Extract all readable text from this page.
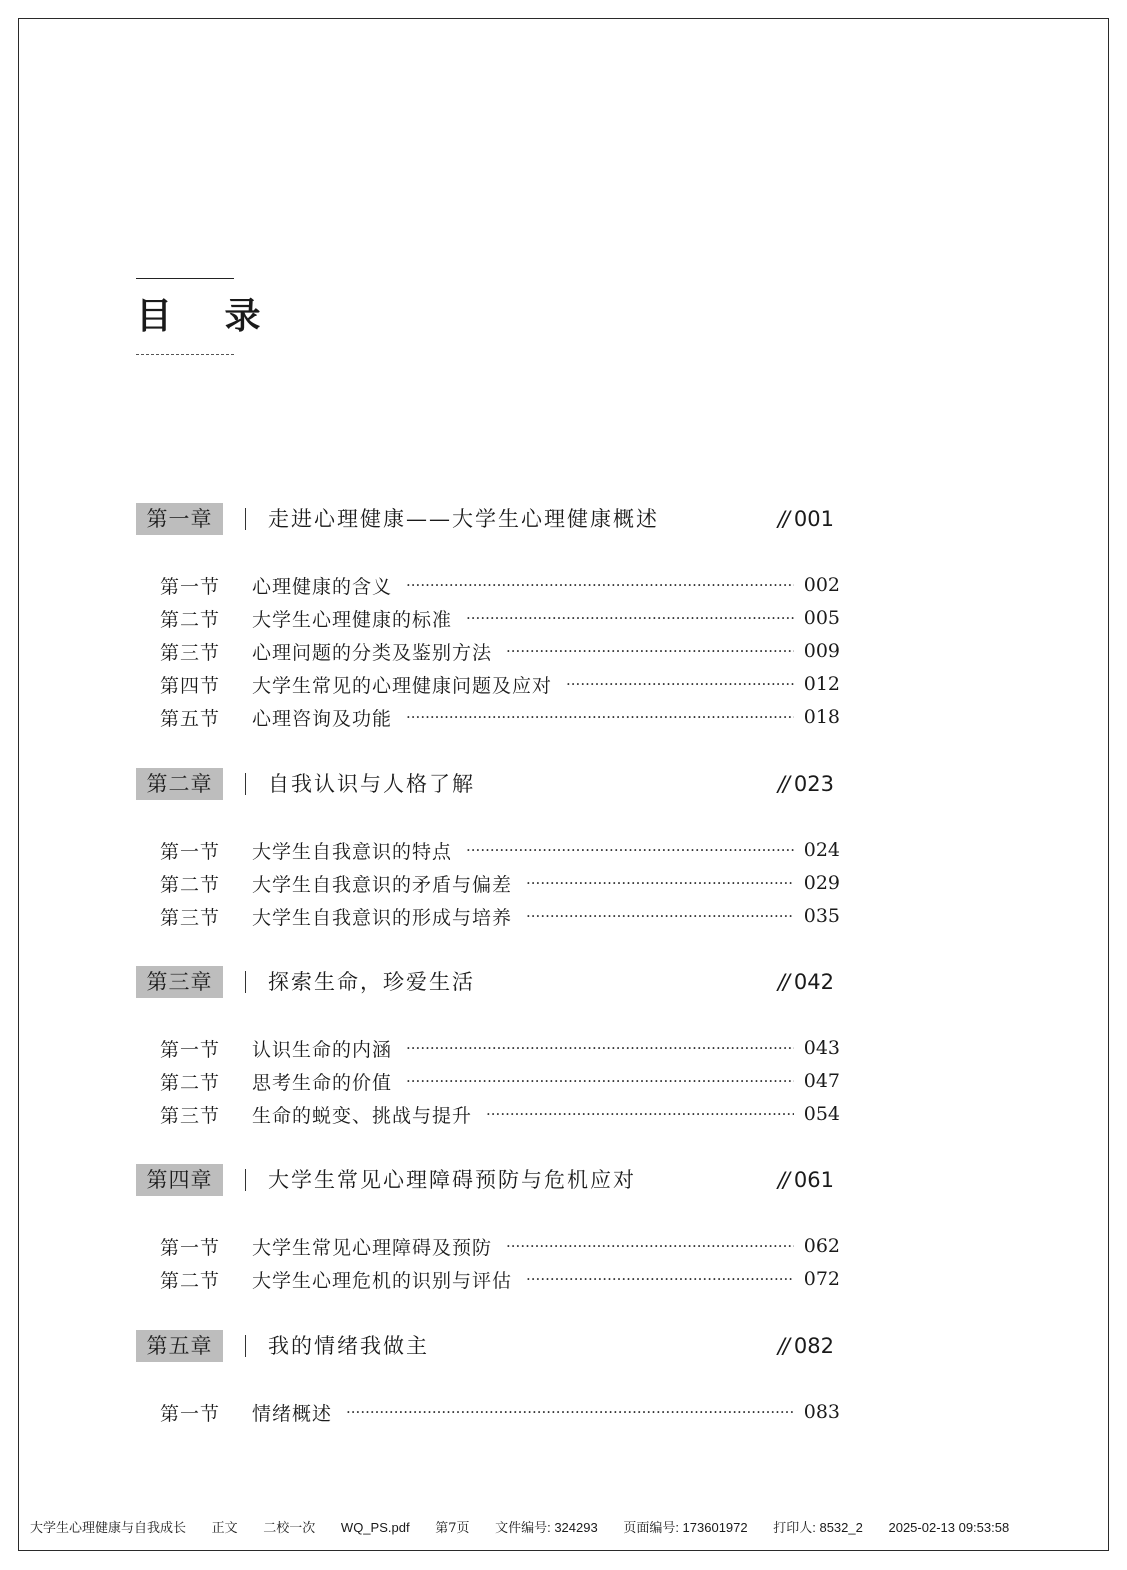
目 录
第一章	走进心理健康——大学生心理健康概述	// 001
第一节	心理健康的含义 ·····	002
第二节	大学生心理健康的标准 ·····	005
第三节	心理问题的分类及鉴别方法 ·····	009
第四节	大学生常见的心理健康问题及应对 ·····	012
第五节	心理咨询及功能 ·····	018
第二章	自我认识与人格了解	// 023
第一节	大学生自我意识的特点 ·····	024
第二节	大学生自我意识的矛盾与偏差 ·····	029
第三节	大学生自我意识的形成与培养 ·····	035
第三章	探索生命，珍爱生活	// 042
第一节	认识生命的内涵 ·····	043
第二节	思考生命的价值 ·····	047
第三节	生命的蜕变、挑战与提升 ·····	054
第四章	大学生常见心理障碍预防与危机应对	// 061
第一节	大学生常见心理障碍及预防 ·····	062
第二节	大学生心理危机的识别与评估 ·····	072
第五章	我的情绪我做主	// 082
第一节	情绪概述 ·····	083
大学生心理健康与自我成长 正文 二校一次 WQ_PS.pdf 第7页 文件编号: 324293 页面编号: 173601972 打印人: 8532_2 2025-02-13 09:53:58
